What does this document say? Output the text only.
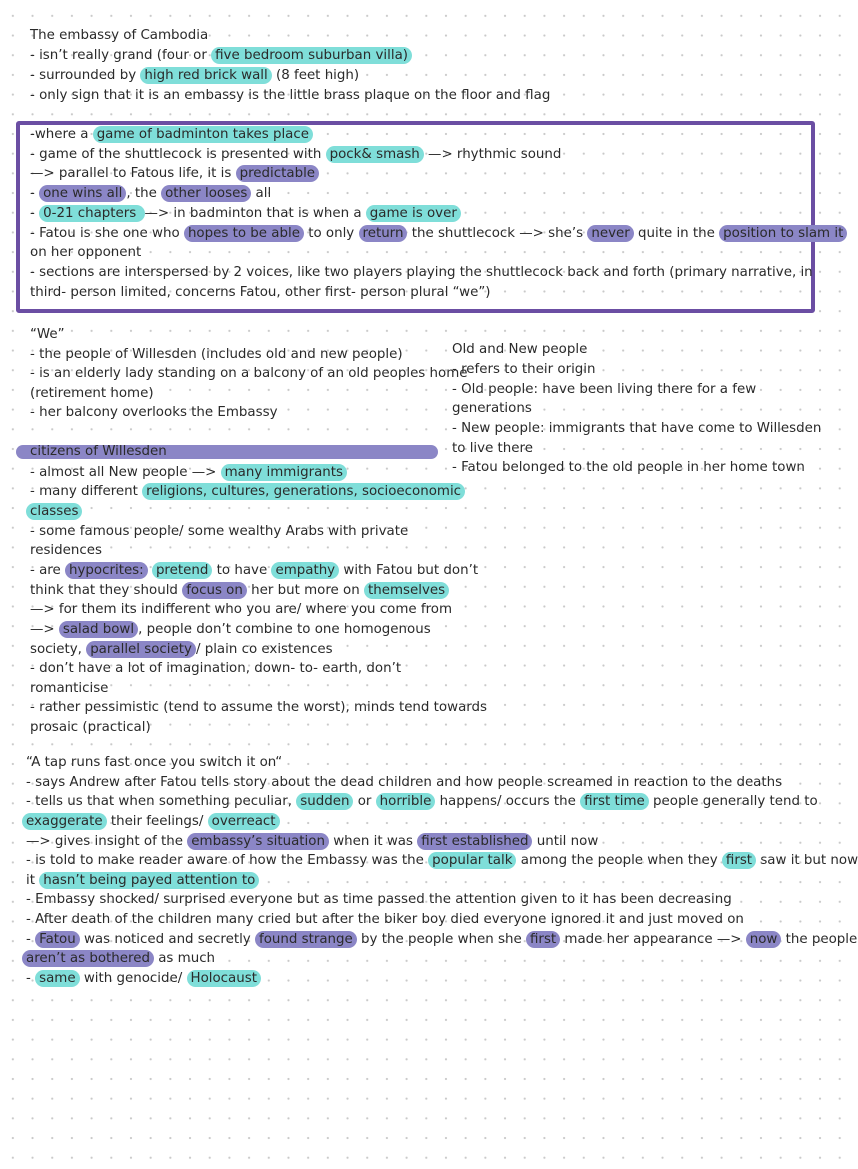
The embassy of Cambodia
- isn’t really grand (four or five bedroom suburban villa)
- surrounded by high red brick wall (8 feet high)
- only sign that it is an embassy is the little brass plaque on the floor and flag
-where a game of badminton takes place
- game of the shuttlecock is presented with pock& smash —> rhythmic sound
—> parallel to Fatous life, it is predictable
- one wins all , the other looses all
- 0-21 chapters —> in badminton that is when a game is over
- Fatou is she one who hopes to be able to only return the shuttlecock —> she’s never quite in the position to slam it
on her opponent
- sections are interspersed by 2 voices, like two players playing the shuttlecock back and forth (primary narrative, in
third- person limited, concerns Fatou, other first- person plural “we”)
“We”
- the people of Willesden (includes old and new people)
- is an elderly lady standing on a balcony of an old peoples home
(retirement home)
- her balcony overlooks the Embassy
citizens of Willesden
- almost all New people —> many immigrants
- many different religions, cultures, generations, socioeconomic
classes
- some famous people/ some wealthy Arabs with private
residences
- are hypocrites: pretend to have empathy with Fatou but don’t
think that they should focus on her but more on themselves
—> for them its indifferent who you are/ where you come from
—> salad bowl , people don’t combine to one homogenous
society, parallel society / plain co existences
- don’t have a lot of imagination, down- to- earth, don’t
romanticise
- rather pessimistic (tend to assume the worst), minds tend towards
prosaic (practical)
Old and New people
- refers to their origin
- Old people: have been living there for a few
generations
- New people: immigrants that have come to Willesden
to live there
- Fatou belonged to the old people in her home town
“A tap runs fast once you switch it on“
- says Andrew after Fatou tells story about the dead children and how people screamed in reaction to the deaths
- tells us that when something peculiar, sudden or horrible happens/ occurs the first time people generally tend to
exaggerate their feelings/ overreact
—> gives insight of the embassy’s situation when it was first established until now
- is told to make reader aware of how the Embassy was the popular talk among the people when they first saw it but now
it hasn’t being payed attention to
- Embassy shocked/ surprised everyone but as time passed the attention given to it has been decreasing
- After death of the children many cried but after the biker boy died everyone ignored it and just moved on
- Fatou was noticed and secretly found strange by the people when she first made her appearance —> now the people
aren’t as bothered as much
- same with genocide/ Holocaust
